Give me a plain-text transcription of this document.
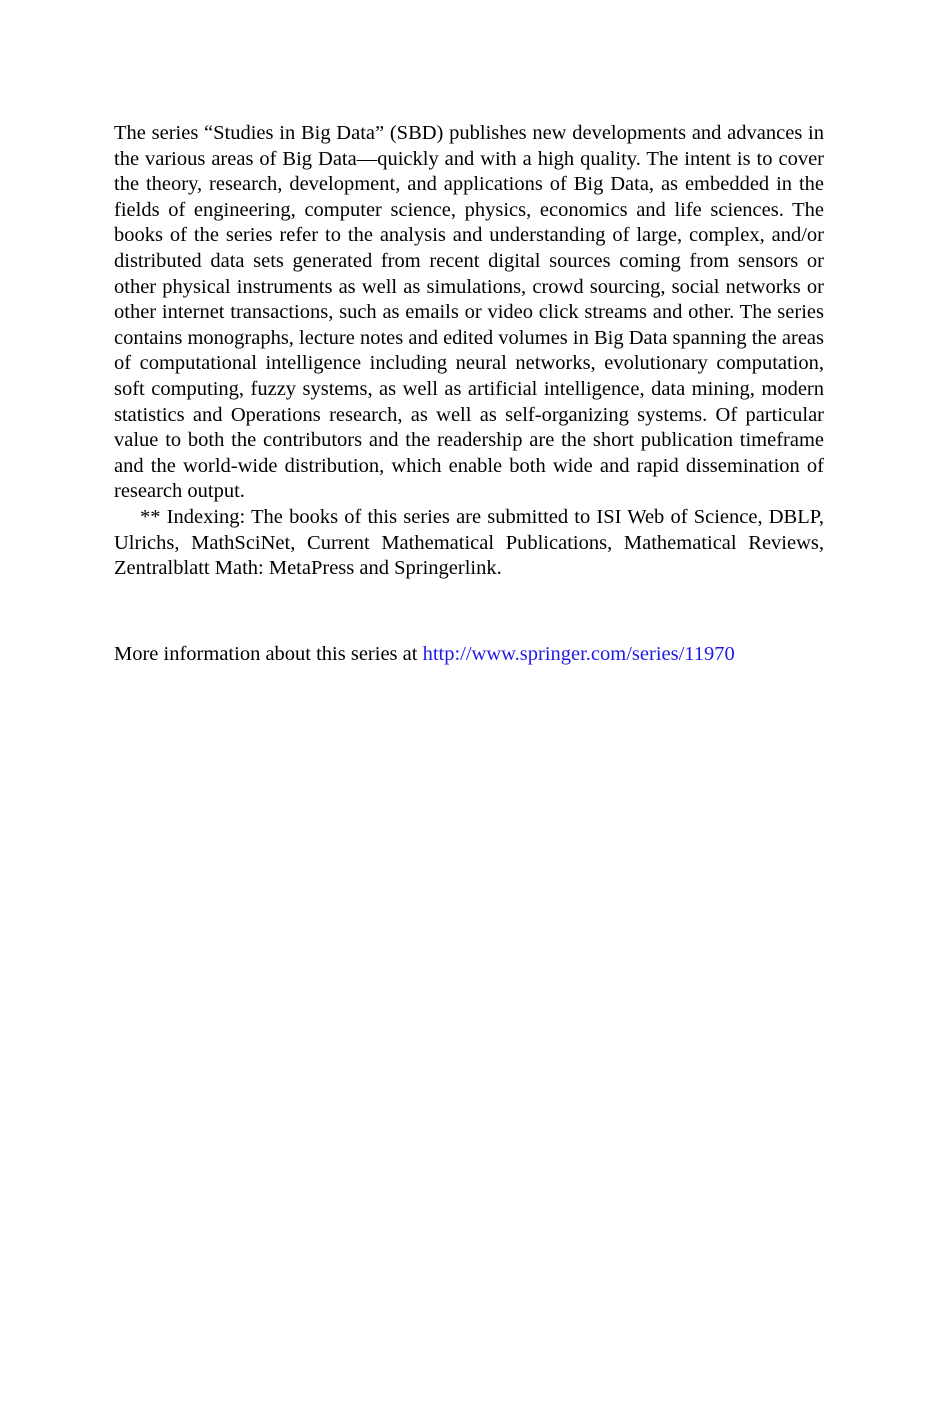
The series “Studies in Big Data” (SBD) publishes new developments and advances in the various areas of Big Data—quickly and with a high quality. The intent is to cover the theory, research, development, and applications of Big Data, as embedded in the fields of engineering, computer science, physics, economics and life sciences. The books of the series refer to the analysis and understanding of large, complex, and/or distributed data sets generated from recent digital sources coming from sensors or other physical instruments as well as simulations, crowd sourcing, social networks or other internet transactions, such as emails or video click streams and other. The series contains monographs, lecture notes and edited volumes in Big Data spanning the areas of computational intelligence including neural networks, evolutionary computation, soft computing, fuzzy systems, as well as artificial intelligence, data mining, modern statistics and Operations research, as well as self-organizing systems. Of particular value to both the contributors and the readership are the short publication timeframe and the world-wide distribution, which enable both wide and rapid dissemination of research output.

** Indexing: The books of this series are submitted to ISI Web of Science, DBLP, Ulrichs, MathSciNet, Current Mathematical Publications, Mathematical Reviews, Zentralblatt Math: MetaPress and Springerlink.

More information about this series at http://www.springer.com/series/11970
